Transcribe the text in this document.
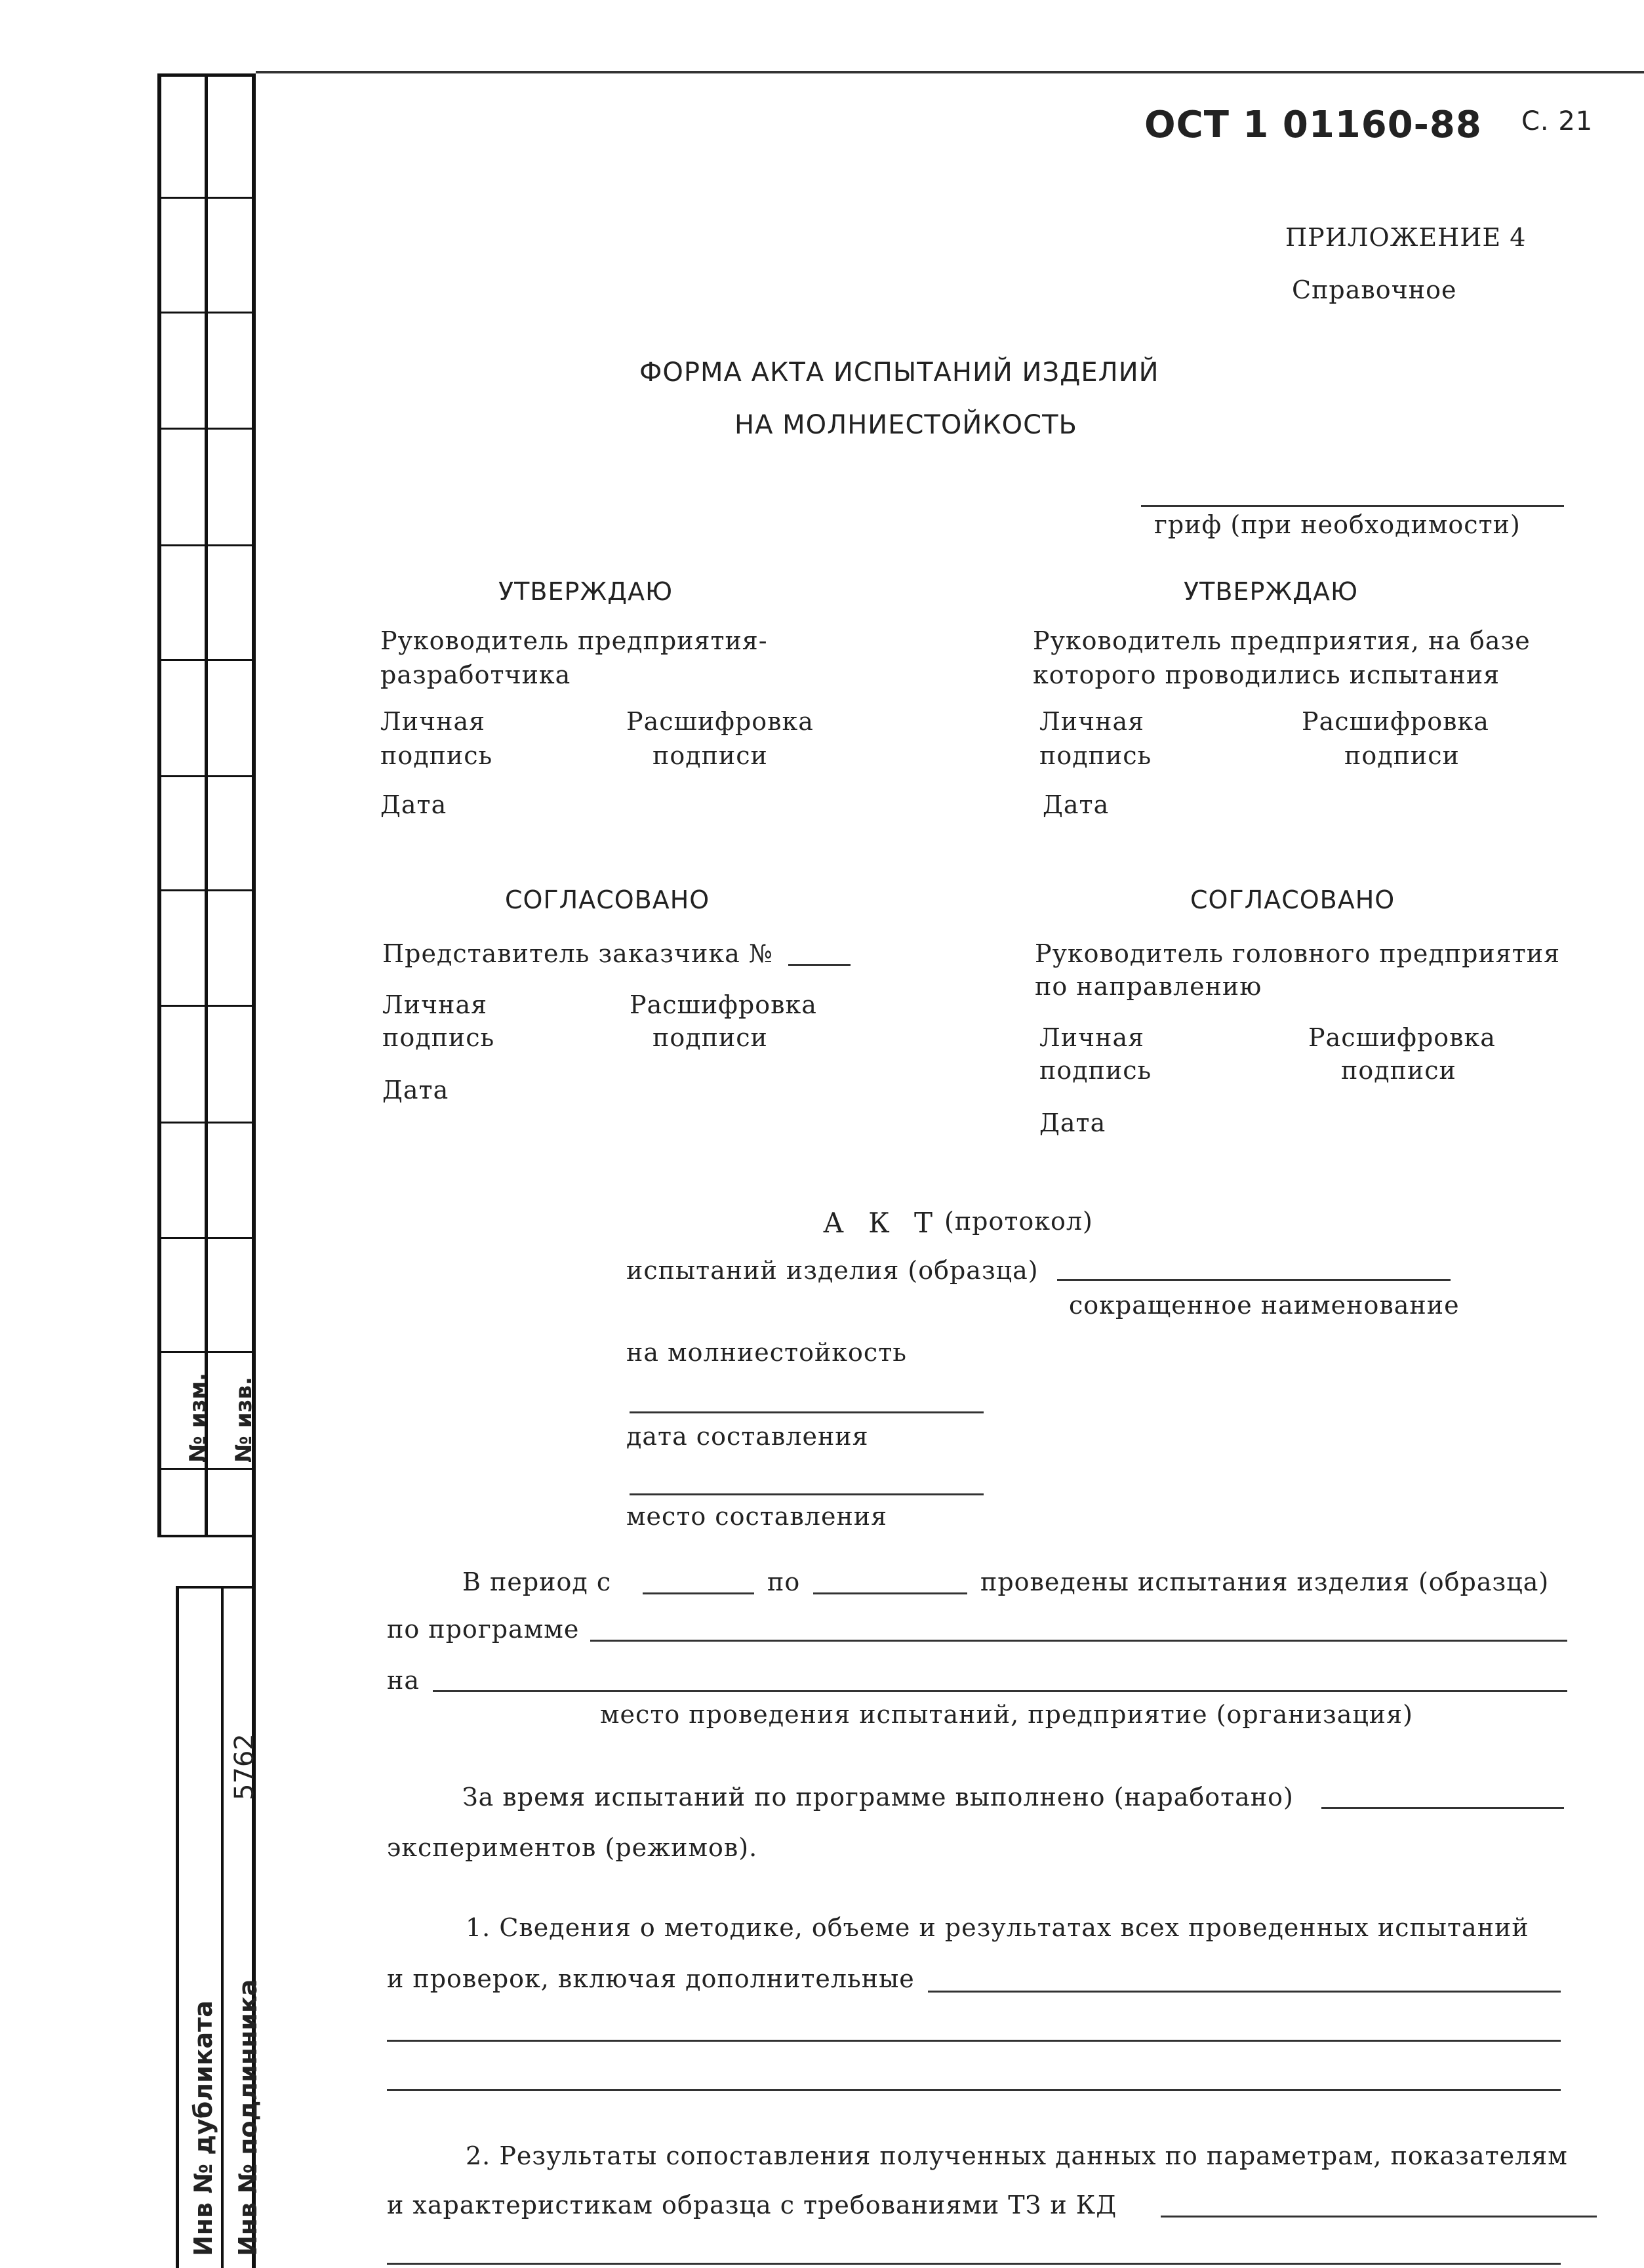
№ изм. № изв.
Инв № дубликата Инв № подлинника
5762
ОСТ 1 01160-88 С. 21
ПРИЛОЖЕНИЕ 4
Справочное
ФОРМА АКТА ИСПЫТАНИЙ ИЗДЕЛИЙ
НА МОЛНИЕСТОЙКОСТЬ
гриф (при необходимости)
УТВЕРЖДАЮ
Руководитель предприятия-
разработчика
Личная
подпись
Расшифровка
подписи
Дата
УТВЕРЖДАЮ
Руководитель предприятия, на базе
которого проводились испытания
Личная
подпись
Расшифровка
подписи
Дата
СОГЛАСОВАНО
Представитель заказчика №
Личная
подпись
Расшифровка
подписи
Дата
СОГЛАСОВАНО
Руководитель головного предприятия
по направлению
Личная
подпись
Расшифровка
подписи
Дата
А К Т (протокол)
испытаний изделия (образца)
сокращенное наименование
на молниестойкость
дата составления
место составления
В период с	по	проведены испытания изделия (образца)
по программе
на
место проведения испытаний, предприятие (организация)
За время испытаний по программе выполнено (наработано)
экспериментов (режимов).
1. Сведения о методике, объеме и результатах всех проведенных испытаний
и проверок, включая дополнительные
2. Результаты сопоставления полученных данных по параметрам, показателям
и характеристикам образца с требованиями ТЗ и КД
